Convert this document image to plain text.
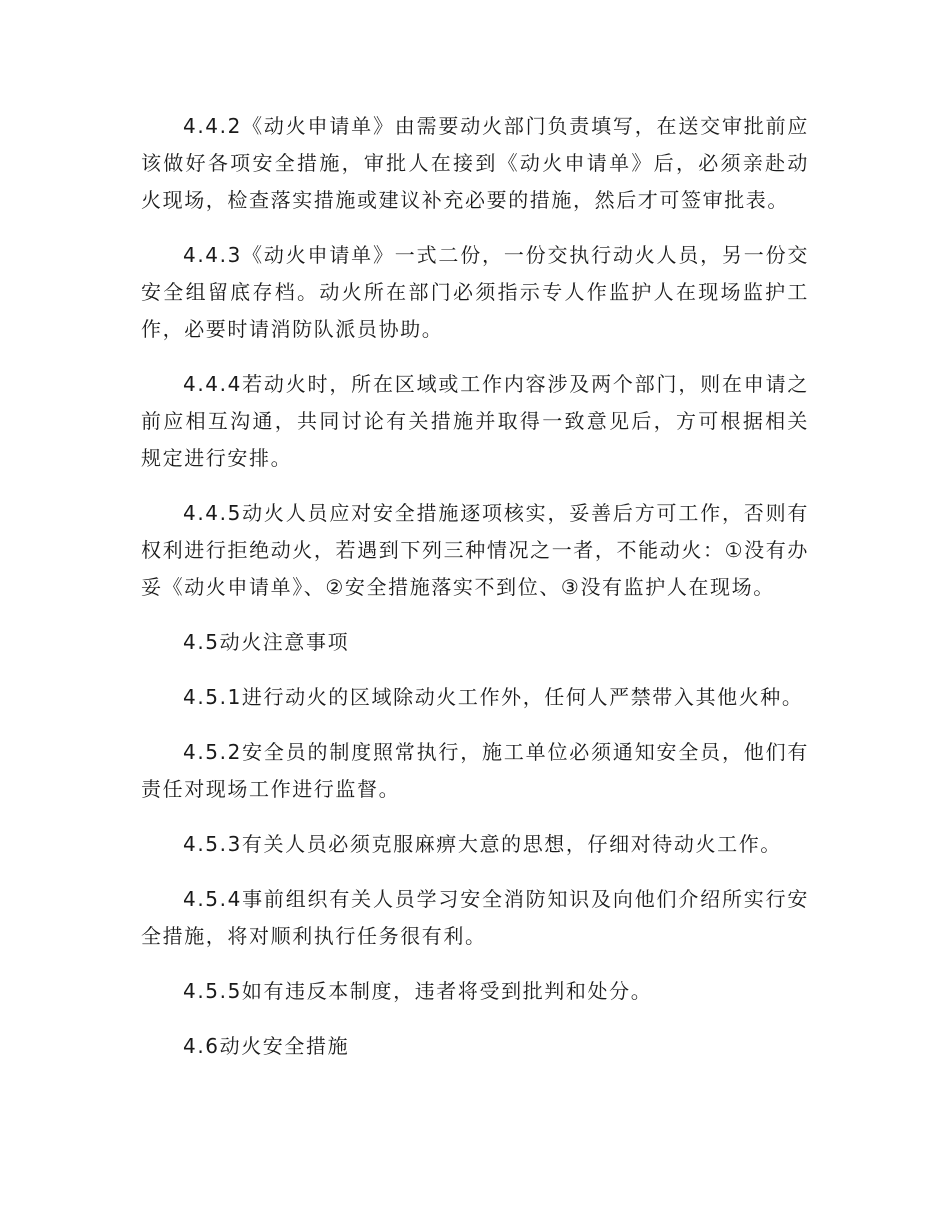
4.4.2《动火申请单》由需要动火部门负责填写，在送交审批前应该做好各项安全措施，审批人在接到《动火申请单》后，必须亲赴动火现场，检查落实措施或建议补充必要的措施，然后才可签审批表。

4.4.3《动火申请单》一式二份，一份交执行动火人员，另一份交安全组留底存档。动火所在部门必须指示专人作监护人在现场监护工作，必要时请消防队派员协助。

4.4.4若动火时，所在区域或工作内容涉及两个部门，则在申请之前应相互沟通，共同讨论有关措施并取得一致意见后，方可根据相关规定进行安排。

4.4.5动火人员应对安全措施逐项核实，妥善后方可工作，否则有权利进行拒绝动火，若遇到下列三种情况之一者，不能动火：①没有办妥《动火申请单》、②安全措施落实不到位、③没有监护人在现场。

4.5动火注意事项

4.5.1进行动火的区域除动火工作外，任何人严禁带入其他火种。

4.5.2安全员的制度照常执行，施工单位必须通知安全员，他们有责任对现场工作进行监督。

4.5.3有关人员必须克服麻痹大意的思想，仔细对待动火工作。

4.5.4事前组织有关人员学习安全消防知识及向他们介绍所实行安全措施，将对顺利执行任务很有利。

4.5.5如有违反本制度，违者将受到批判和处分。

4.6动火安全措施
